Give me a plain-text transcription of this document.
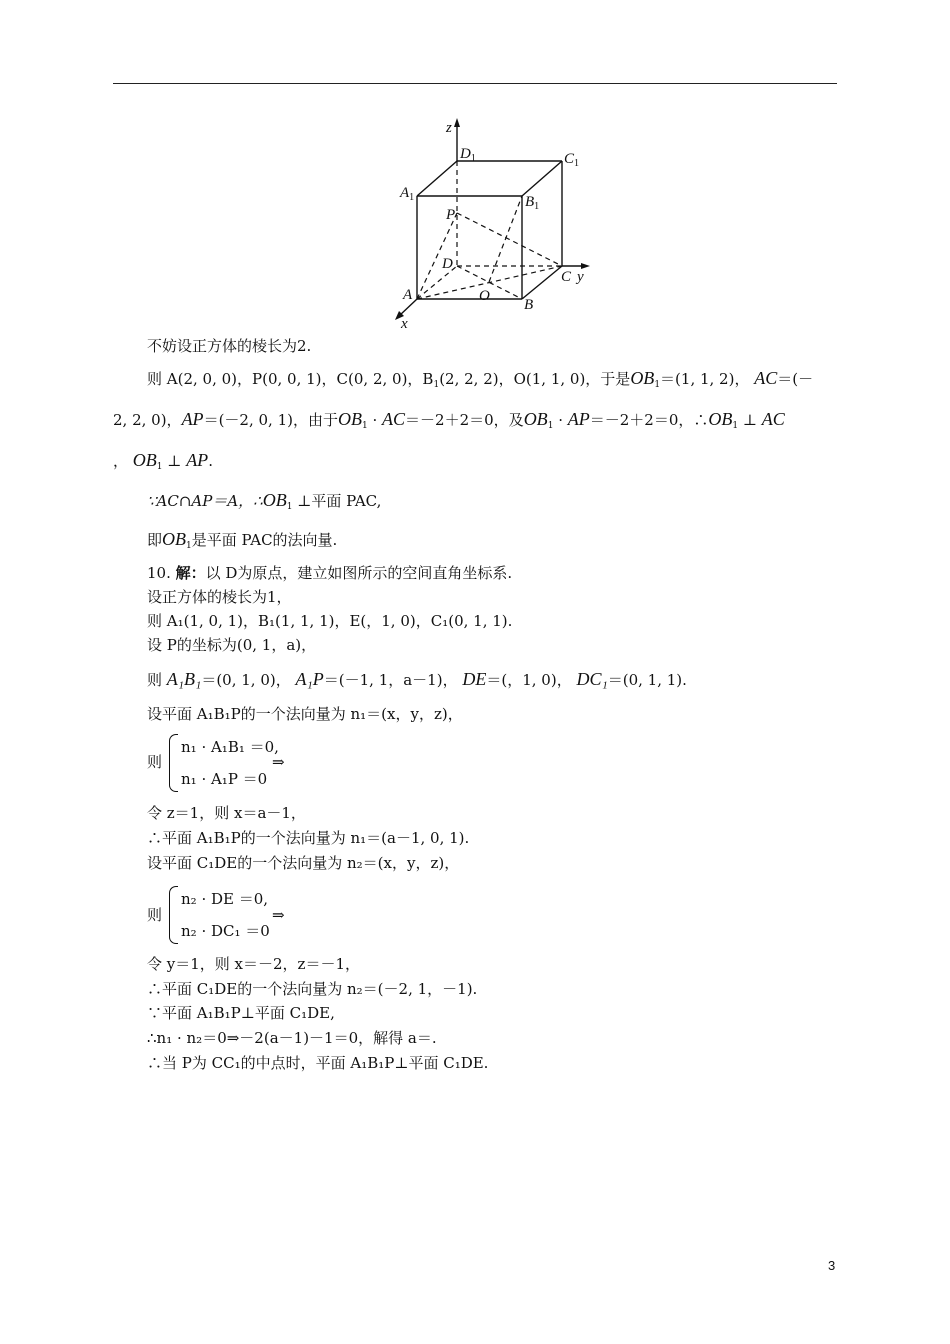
z
$D_1$	$C_1$
$A_1$	$B_1$
P
D
C y
A	O
B
x
不妨设正方体的棱长为2.
则 A(2, 0, 0)，P(0, 0, 1)，C(0, 2, 0)，$B_1(2$, 2, 2)，O(1, 1, 0)，于是$OB_1=(1$, 1, 2)， AC＝(－
2, 2, 0)，AP＝(－2, 0, 1)，由于$OB_1 \cdot AC=-2+2=0$，及$OB_1 \cdot AP=-2+2=0$，$\therefore OB_1$ ⊥ AC
， $OB_1$ ⊥ AP.
∵AC∩AP＝A，$\therefore OB_1$ ⊥平面 PAC,
即$OB_1$是平面 PAC的法向量.
10. 解：以 D为原点，建立如图所示的空间直角坐标系.
设正方体的棱长为1，
则 A₁(1, 0, 1)，B₁(1, 1, 1)，E(，1, 0)，C₁(0, 1, 1).
设 P的坐标为(0, 1，a)，
则 A₁B₁＝(0, 1, 0)， A₁P＝(－1, 1，a－1)， DE＝(，1, 0)， DC₁＝(0, 1, 1).
设平面 A₁B₁P的一个法向量为 n₁＝(x，y，z)，
则
n₁ · A₁B₁ ＝0,
n₁ · A₁P ＝0
⇒
令 z＝1，则 x＝a－1，
∴平面 A₁B₁P的一个法向量为 n₁＝(a－1, 0, 1).
设平面 C₁DE的一个法向量为 n₂＝(x，y，z)，
则
n₂ · DE ＝0,
n₂ · DC₁ ＝0
⇒
令 y＝1，则 x＝－2，z＝－1，
∴平面 C₁DE的一个法向量为 n₂＝(－2, 1，－1).
∵平面 A₁B₁P⊥平面 C₁DE,
∴n₁ · n₂＝0⇒－2(a－1)－1＝0，解得 a＝.
∴当 P为 CC₁的中点时，平面 A₁B₁P⊥平面 C₁DE.
3
